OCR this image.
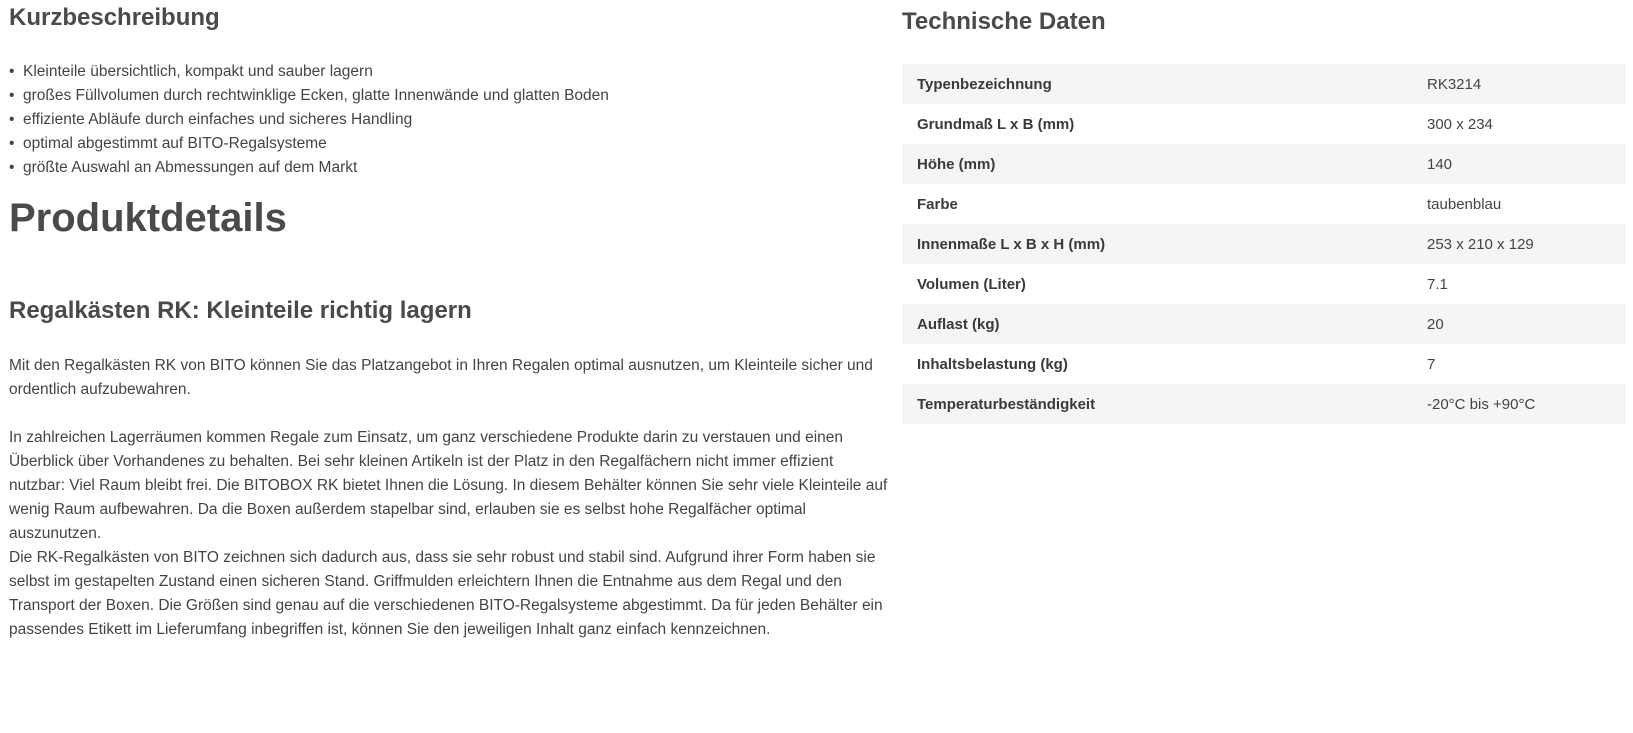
Kurzbeschreibung
• Kleinteile übersichtlich, kompakt und sauber lagern
• großes Füllvolumen durch rechtwinklige Ecken, glatte Innenwände und glatten Boden
• effiziente Abläufe durch einfaches und sicheres Handling
• optimal abgestimmt auf BITO-Regalsysteme
• größte Auswahl an Abmessungen auf dem Markt
Produktdetails
Regalkästen RK: Kleinteile richtig lagern

Mit den Regalkästen RK von BITO können Sie das Platzangebot in Ihren Regalen optimal ausnutzen, um Kleinteile sicher und ordentlich aufzubewahren.

In zahlreichen Lagerräumen kommen Regale zum Einsatz, um ganz verschiedene Produkte darin zu verstauen und einen Überblick über Vorhandenes zu behalten. Bei sehr kleinen Artikeln ist der Platz in den Regalfächern nicht immer effizient nutzbar: Viel Raum bleibt frei. Die BITOBOX RK bietet Ihnen die Lösung. In diesem Behälter können Sie sehr viele Kleinteile auf wenig Raum aufbewahren. Da die Boxen außerdem stapelbar sind, erlauben sie es selbst hohe Regalfächer optimal auszunutzen.

Die RK-Regalkästen von BITO zeichnen sich dadurch aus, dass sie sehr robust und stabil sind. Aufgrund ihrer Form haben sie selbst im gestapelten Zustand einen sicheren Stand. Griffmulden erleichtern Ihnen die Entnahme aus dem Regal und den Transport der Boxen. Die Größen sind genau auf die verschiedenen BITO-Regalsysteme abgestimmt. Da für jeden Behälter ein passendes Etikett im Lieferumfang inbegriffen ist, können Sie den jeweiligen Inhalt ganz einfach kennzeichnen.

Technische Daten
Typenbezeichnung	RK3214
Grundmaß L x B (mm)	300 x 234
Höhe (mm)	140
Farbe	taubenblau
Innenmaße L x B x H (mm)	253 x 210 x 129
Volumen (Liter)	7.1
Auflast (kg)	20
Inhaltsbelastung (kg)	7
Temperaturbeständigkeit	-20°C bis +90°C
